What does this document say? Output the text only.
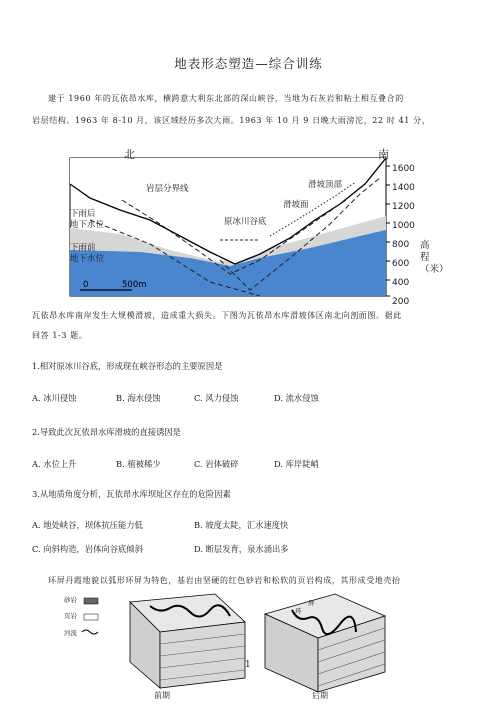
地表形态塑造—综合训练
建于 1960 年的瓦依昂水库，横跨意大利东北部的深山峡谷，当地为石灰岩和粘土相互叠合的
岩层结构。1963 年 8-10 月，该区域经历多次大雨。1963 年 10 月 9 日晚大雨滂沱，22 时 41 分，
北	南
岩层分界线	滑坡顶部
滑坡面
原冰川谷底
下雨后
地下水位
下雨前
地下水位
0	500m
1600
1400
1200
1000
800
600
400
200
高程（米）
瓦依昂水库南岸发生大规模滑坡，造成重大损失。下图为瓦依昂水库滑坡体区南北向剖面图。据此
回答 1-3 题。
1.相对原冰川谷底，形成现在峡谷形态的主要原因是
A. 冰川侵蚀	B. 海水侵蚀	C. 风力侵蚀	D. 流水侵蚀
2.导致此次瓦依昂水库滑坡的直接诱因是
A. 水位上升	B. 植被稀少	C. 岩体破碎	D. 库岸陡峭
3.从地质角度分析，瓦依昂水库坝址区存在的危险因素
A. 地处峡谷，坝体抗压能力低	B. 坡度太陡，汇水速度快
C. 向斜构造，岩体向谷底倾斜	D. 断层发育，泉水涌出多
环屏丹霞地貌以弧形环屏为特色，基岩由坚硬的红色砂岩和松软的页岩构成，其形成受地壳抬
砂岩
页岩
河流
环
屏
前期	后期
1
